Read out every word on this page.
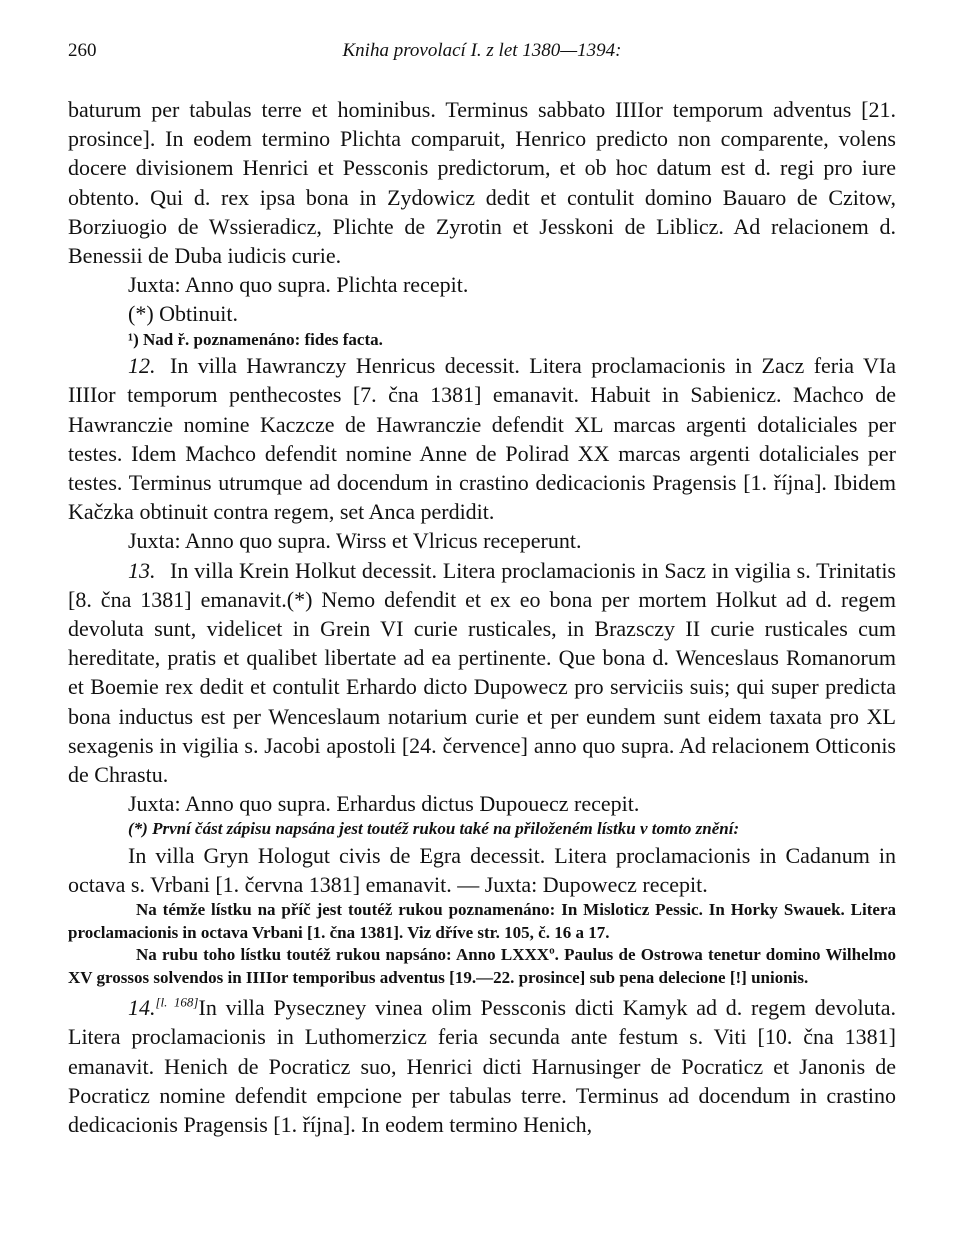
260	Kniha provolací I. z let 1380—1394:

baturum per tabulas terre et hominibus. Terminus sabbato IIIIor temporum adventus [21. prosince]. In eodem termino Plichta comparuit, Henrico predicto non comparente, volens docere divisionem Henrici et Pessconis predictorum, et ob hoc datum est d. regi pro iure obtento. Qui d. rex ipsa bona in Zydowicz dedit et contulit domino Bauaro de Czitow, Borziuogio de Wssieradicz, Plichte de Zyrotin et Jesskoni de Liblicz. Ad relacionem d. Benessii de Duba iudicis curie.

Juxta: Anno quo supra. Plichta recepit.

(*) Obtinuit.

¹) Nad ř. poznamenáno: fides facta.

12. In villa Hawranczy Henricus decessit. Litera proclamacionis in Zacz feria VIa IIIIor temporum penthecostes [7. čna 1381] emanavit. Habuit in Sabienicz. Machco de Hawranczie nomine Kaczcze de Hawranczie defendit XL marcas argenti dotaliciales per testes. Idem Machco defendit nomine Anne de Polirad XX marcas argenti dotaliciales per testes. Terminus utrumque ad docendum in crastino dedicacionis Pragensis [1. října]. Ibidem Kačzka obtinuit contra regem, set Anca perdidit.

Juxta: Anno quo supra. Wirss et Vlricus receperunt.

13. In villa Krein Holkut decessit. Litera proclamacionis in Sacz in vigilia s. Trinitatis [8. čna 1381] emanavit.(*) Nemo defendit et ex eo bona per mortem Holkut ad d. regem devoluta sunt, videlicet in Grein VI curie rusticales, in Brazsczy II curie rusticales cum hereditate, pratis et qualibet libertate ad ea pertinente. Que bona d. Wenceslaus Romanorum et Boemie rex dedit et contulit Erhardo dicto Dupowecz pro serviciis suis; qui super predicta bona inductus est per Wenceslaum notarium curie et per eundem sunt eidem taxata pro XL sexagenis in vigilia s. Jacobi apostoli [24. července] anno quo supra. Ad relacionem Otticonis de Chrastu.

Juxta: Anno quo supra. Erhardus dictus Dupouecz recepit.

(*) První část zápisu napsána jest toutéž rukou také na přiloženém lístku v tomto znění:

In villa Gryn Hologut civis de Egra decessit. Litera proclamacionis in Cadanum in octava s. Vrbani [1. června 1381] emanavit. — Juxta: Dupowecz recepit.

Na témže lístku na příč jest toutéž rukou poznamenáno: In Misloticz Pessic. In Horky Swauek. Litera proclamacionis in octava Vrbani [1. čna 1381]. Viz dříve str. 105, č. 16 a 17.

Na rubu toho lístku toutéž rukou napsáno: Anno LXXXº. Paulus de Ostrowa tenetur domino Wilhelmo XV grossos solvendos in IIIIor temporibus adventus [19.—22. prosince] sub pena delecione [!] unionis.

14.[l. 168]In villa Pyseczney vinea olim Pessconis dicti Kamyk ad d. regem devoluta. Litera proclamacionis in Luthomerzicz feria secunda ante festum s. Viti [10. čna 1381] emanavit. Henich de Pocraticz suo, Henrici dicti Harnusinger de Pocraticz et Janonis de Pocraticz nomine defendit empcione per tabulas terre. Terminus ad docendum in crastino dedicacionis Pragensis [1. října]. In eodem termino Henich,
